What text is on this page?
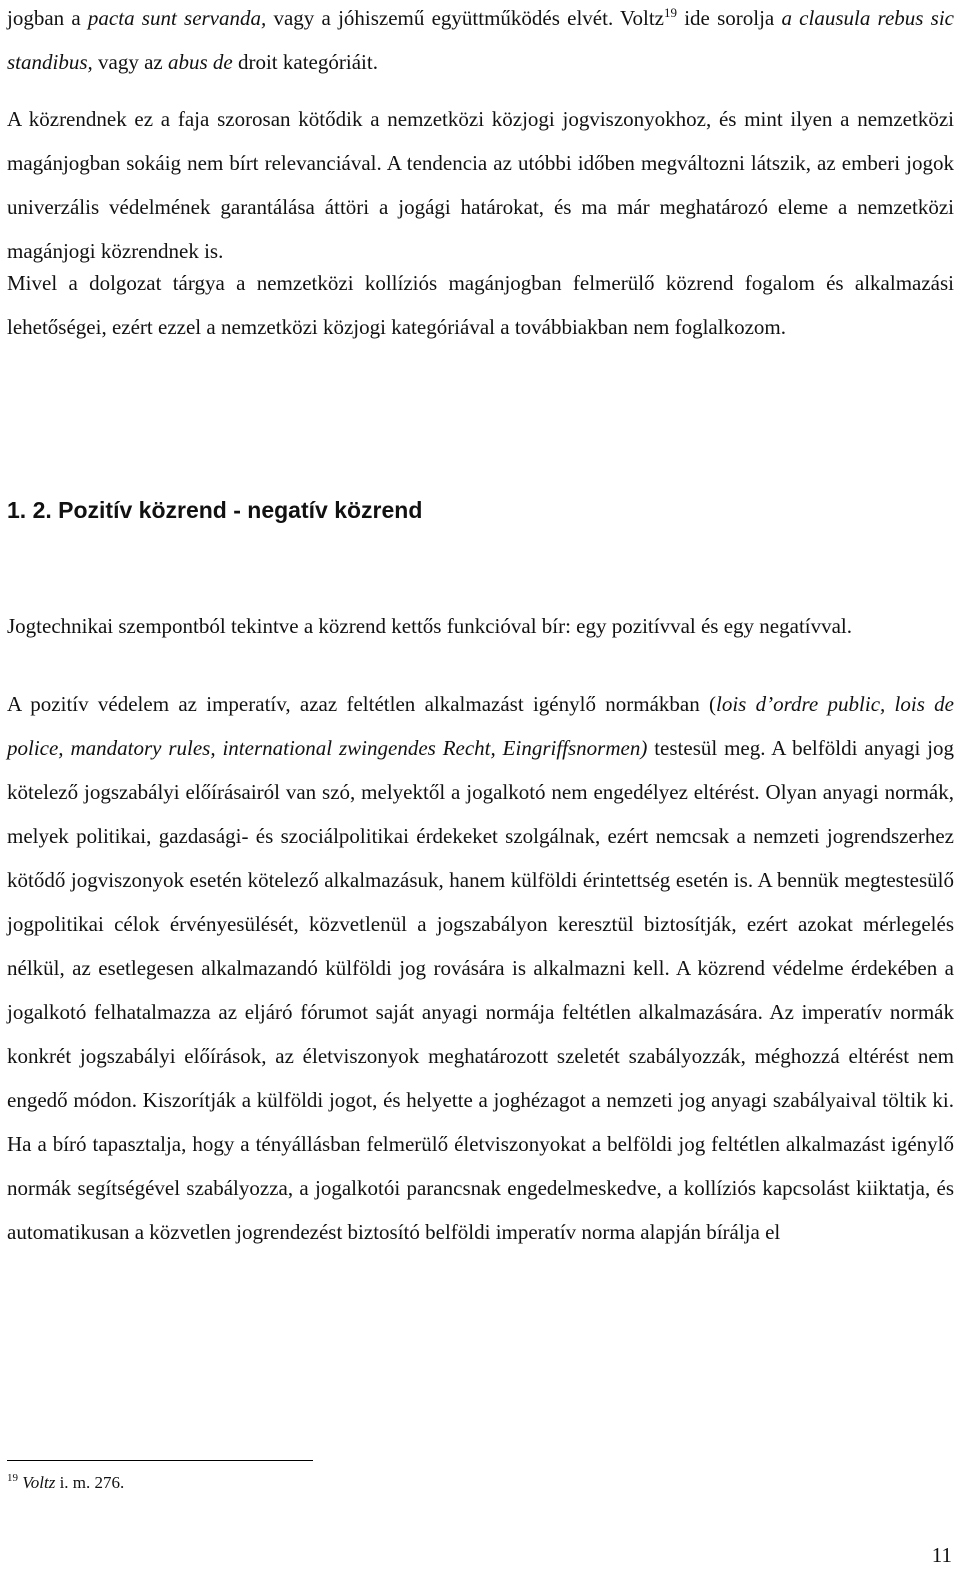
jogban a pacta sunt servanda, vagy a jóhiszemű együttműködés elvét. Voltz$^{19}$ ide sorolja a clausula rebus sic standibus, vagy az abus de droit kategóriáit.

A közrendnek ez a faja szorosan kötődik a nemzetközi közjogi jogviszonyokhoz, és mint ilyen a nemzetközi magánjogban sokáig nem bírt relevanciával. A tendencia az utóbbi időben megváltozni látszik, az emberi jogok univerzális védelmének garantálása áttöri a jogági határokat, és ma már meghatározó eleme a nemzetközi magánjogi közrendnek is.

Mivel a dolgozat tárgya a nemzetközi kollíziós magánjogban felmerülő közrend fogalom és alkalmazási lehetőségei, ezért ezzel a nemzetközi közjogi kategóriával a továbbiakban nem foglalkozom.

1. 2. Pozitív közrend - negatív közrend

Jogtechnikai szempontból tekintve a közrend kettős funkcióval bír: egy pozitívval és egy negatívval.

A pozitív védelem az imperatív, azaz feltétlen alkalmazást igénylő normákban (lois d’ordre public, lois de police, mandatory rules, international zwingendes Recht, Eingriffsnormen) testesül meg. A belföldi anyagi jog kötelező jogszabályi előírásairól van szó, melyektől a jogalkotó nem engedélyez eltérést. Olyan anyagi normák, melyek politikai, gazdasági- és szociálpolitikai érdekeket szolgálnak, ezért nemcsak a nemzeti jogrendszerhez kötődő jogviszonyok esetén kötelező alkalmazásuk, hanem külföldi érintettség esetén is. A bennük megtestesülő jogpolitikai célok érvényesülését, közvetlenül a jogszabályon keresztül biztosítják, ezért azokat mérlegelés nélkül, az esetlegesen alkalmazandó külföldi jog rovására is alkalmazni kell. A közrend védelme érdekében a jogalkotó felhatalmazza az eljáró fórumot saját anyagi normája feltétlen alkalmazására. Az imperatív normák konkrét jogszabályi előírások, az életviszonyok meghatározott szeletét szabályozzák, méghozzá eltérést nem engedő módon. Kiszorítják a külföldi jogot, és helyette a joghézagot a nemzeti jog anyagi szabályaival töltik ki. Ha a bíró tapasztalja, hogy a tényállásban felmerülő életviszonyokat a belföldi jog feltétlen alkalmazást igénylő normák segítségével szabályozza, a jogalkotói parancsnak engedelmeskedve, a kollíziós kapcsolást kiiktatja, és automatikusan a közvetlen jogrendezést biztosító belföldi imperatív norma alapján bírálja el

$^{19}$ Voltz i. m. 276.

11
